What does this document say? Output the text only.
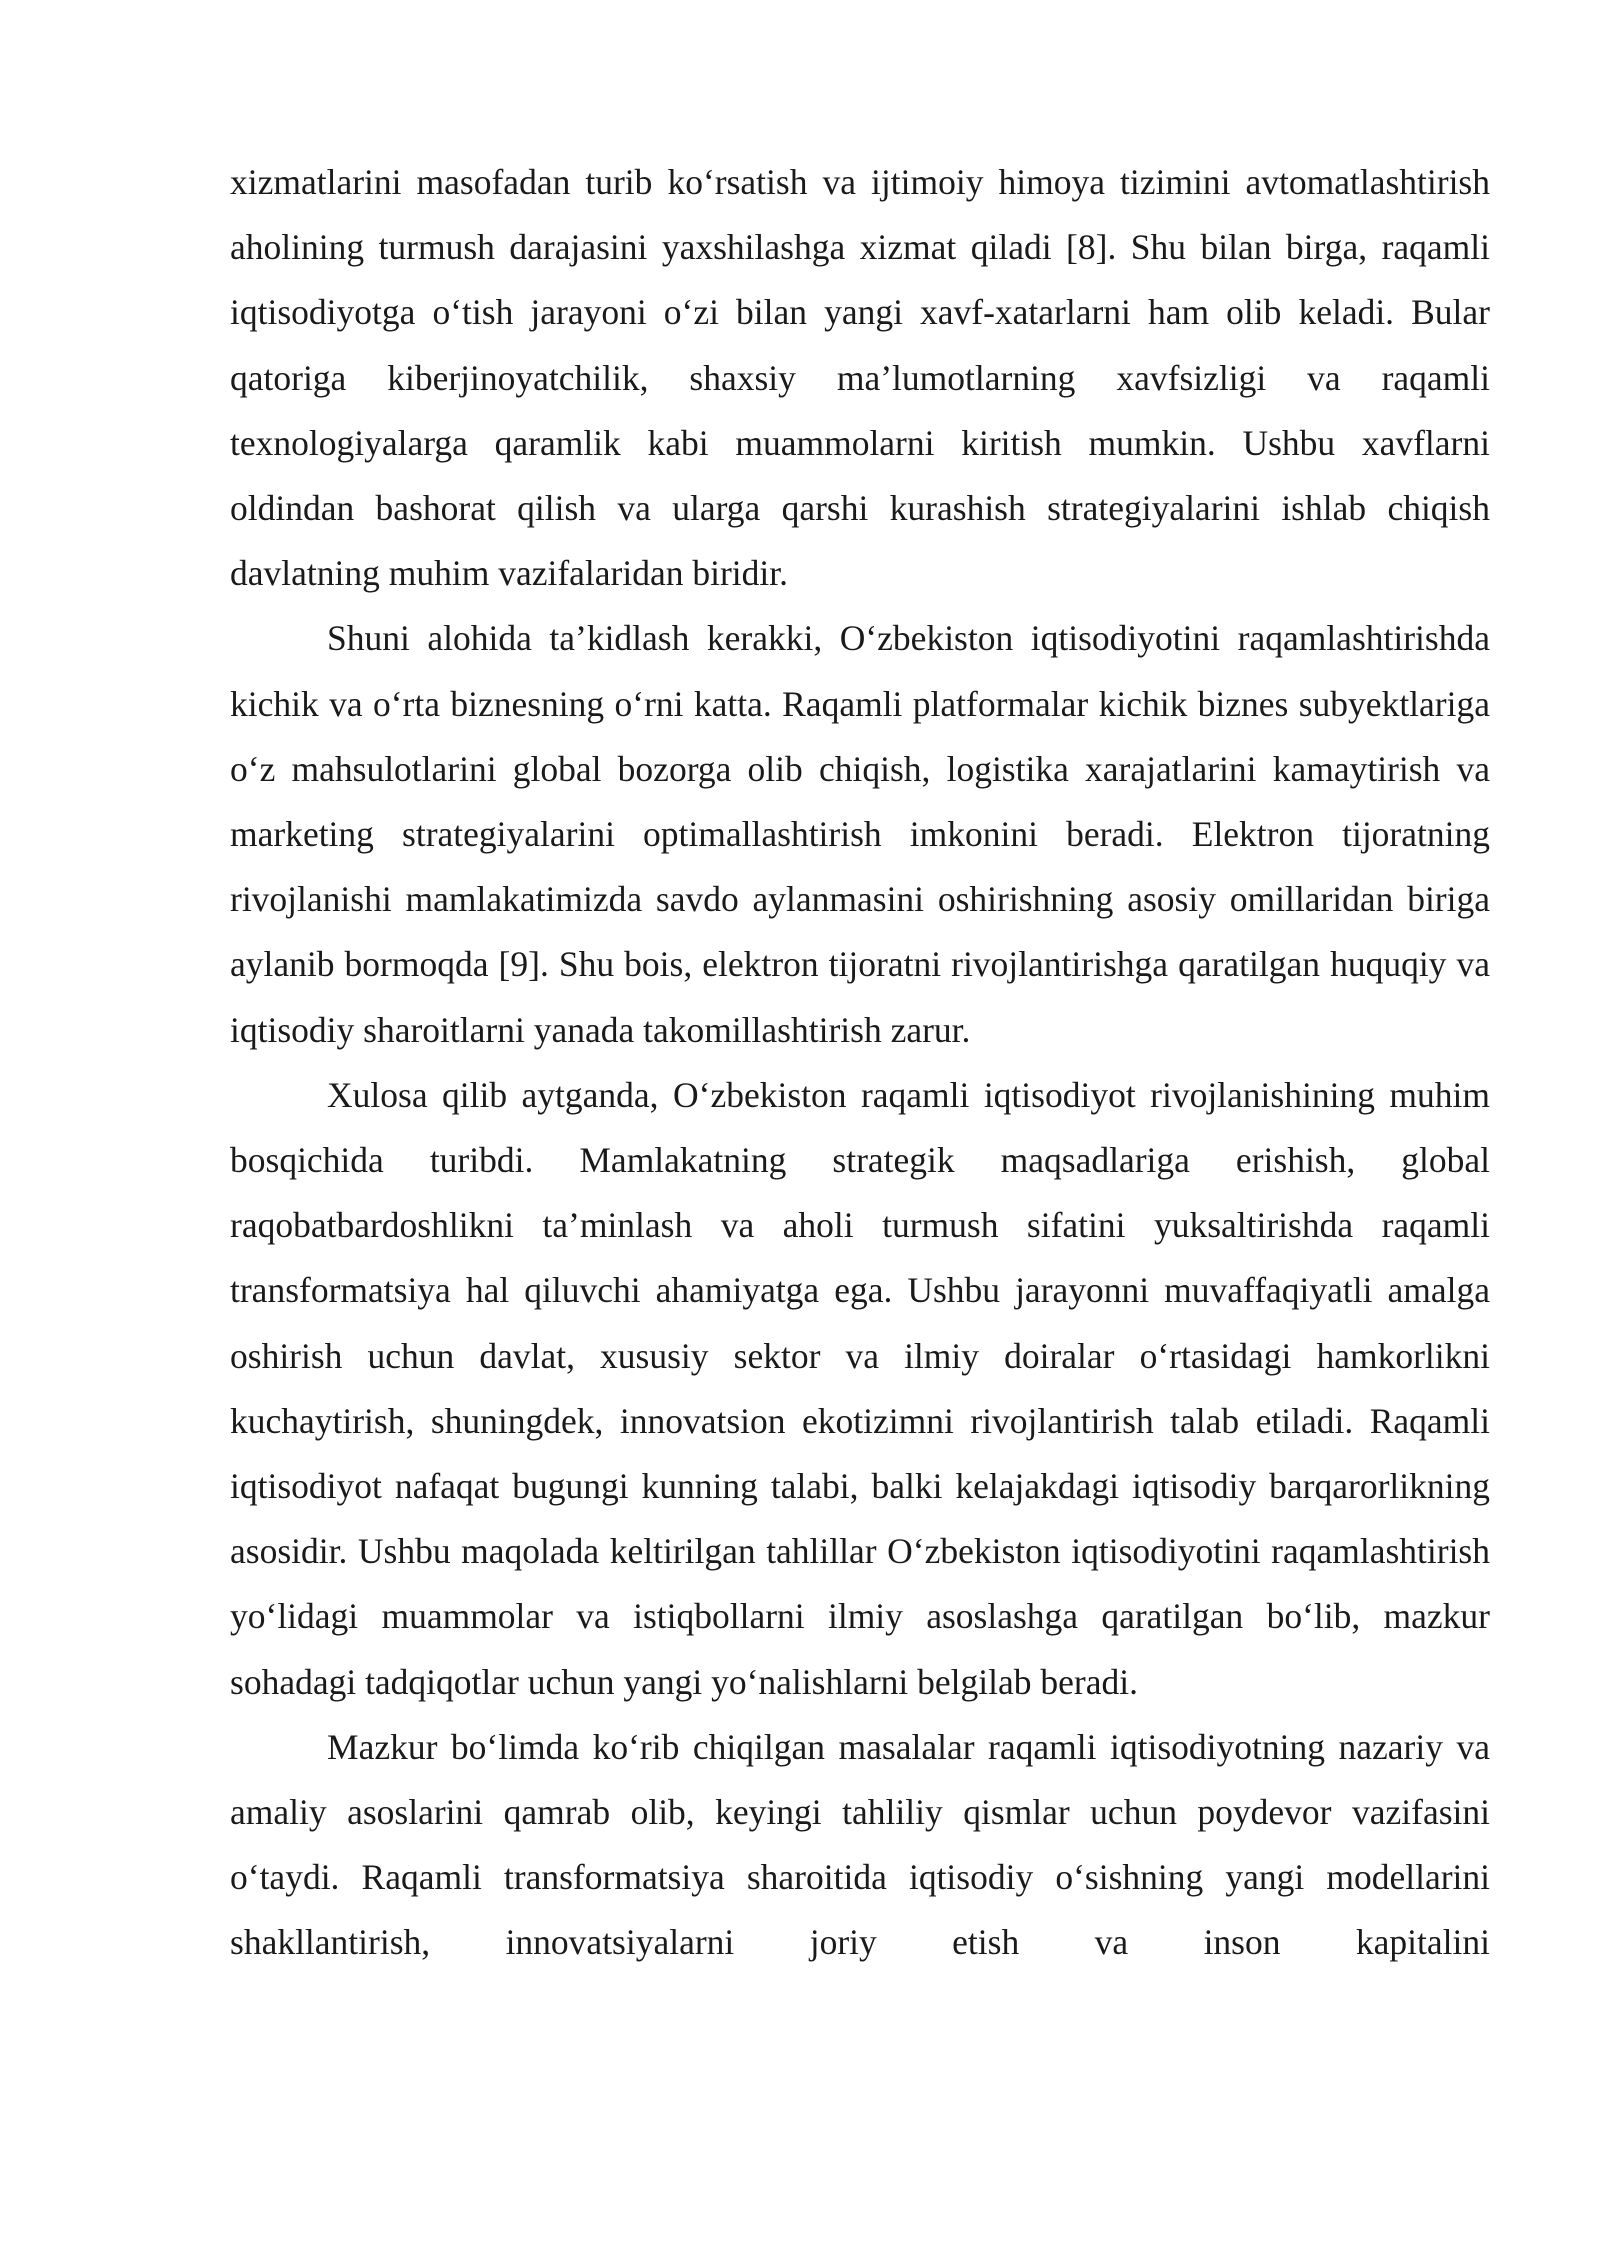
xizmatlarini masofadan turib ko‘rsatish va ijtimoiy himoya tizimini avtomatlashtirish aholining turmush darajasini yaxshilashga xizmat qiladi [8]. Shu bilan birga, raqamli iqtisodiyotga o‘tish jarayoni o‘zi bilan yangi xavf-xatarlarni ham olib keladi. Bular qatoriga kiberjinoyatchilik, shaxsiy ma’lumotlarning xavfsizligi va raqamli texnologiyalarga qaramlik kabi muammolarni kiritish mumkin. Ushbu xavflarni oldindan bashorat qilish va ularga qarshi kurashish strategiyalarini ishlab chiqish davlatning muhim vazifalaridan biridir.

Shuni alohida ta’kidlash kerakki, O‘zbekiston iqtisodiyotini raqamlashtirishda kichik va o‘rta biznesning o‘rni katta. Raqamli platformalar kichik biznes subyektlariga o‘z mahsulotlarini global bozorga olib chiqish, logistika xarajatlarini kamaytirish va marketing strategiyalarini optimallashtirish imkonini beradi. Elektron tijoratning rivojlanishi mamlakatimizda savdo aylanmasini oshirishning asosiy omillaridan biriga aylanib bormoqda [9]. Shu bois, elektron tijoratni rivojlantirishga qaratilgan huquqiy va iqtisodiy sharoitlarni yanada takomillashtirish zarur.

Xulosa qilib aytganda, O‘zbekiston raqamli iqtisodiyot rivojlanishining muhim bosqichida turibdi. Mamlakatning strategik maqsadlariga erishish, global raqobatbardoshlikni ta’minlash va aholi turmush sifatini yuksaltirishda raqamli transformatsiya hal qiluvchi ahamiyatga ega. Ushbu jarayonni muvaffaqiyatli amalga oshirish uchun davlat, xususiy sektor va ilmiy doiralar o‘rtasidagi hamkorlikni kuchaytirish, shuningdek, innovatsion ekotizimni rivojlantirish talab etiladi. Raqamli iqtisodiyot nafaqat bugungi kunning talabi, balki kelajakdagi iqtisodiy barqarorlikning asosidir. Ushbu maqolada keltirilgan tahlillar O‘zbekiston iqtisodiyotini raqamlashtirish yo‘lidagi muammolar va istiqbollarni ilmiy asoslashga qaratilgan bo‘lib, mazkur sohadagi tadqiqotlar uchun yangi yo‘nalishlarni belgilab beradi.

Mazkur bo‘limda ko‘rib chiqilgan masalalar raqamli iqtisodiyotning nazariy va amaliy asoslarini qamrab olib, keyingi tahliliy qismlar uchun poydevor vazifasini o‘taydi. Raqamli transformatsiya sharoitida iqtisodiy o‘sishning yangi modellarini shakllantirish, innovatsiyalarni joriy etish va inson kapitalini
